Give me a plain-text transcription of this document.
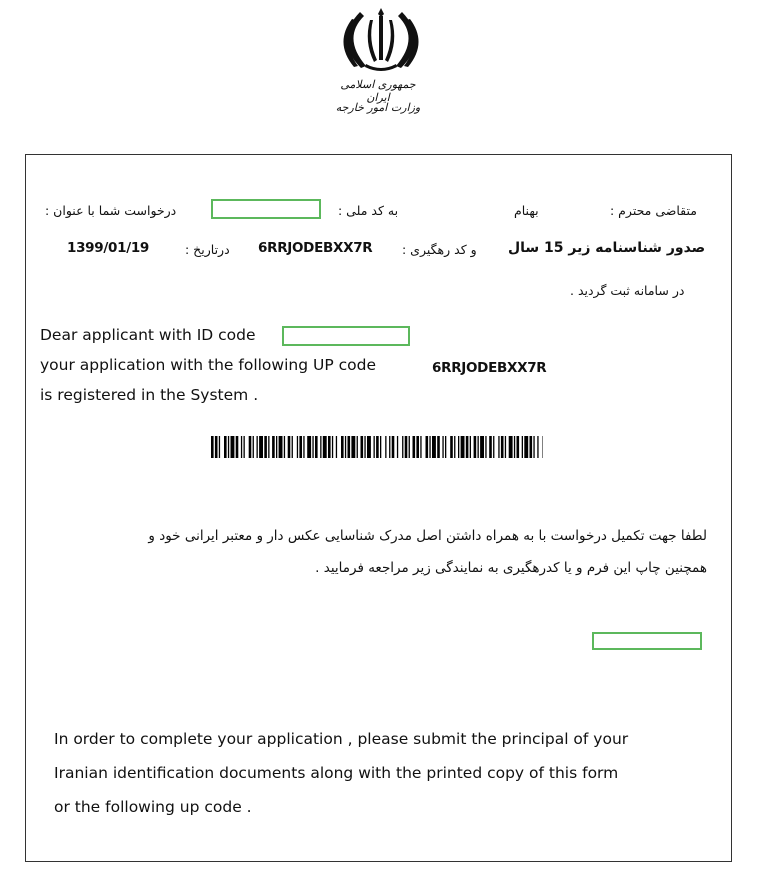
جمهوری اسلامی ایران
وزارت امور خارجه
متقاضی محترم :
بهنام
به کد ملی :
درخواست شما با عنوان :
صدور شناسنامه زیر 15 سال
و کد رهگیری :
6RRJODEBXX7R
درتاریخ :
1399/01/19
در سامانه ثبت گردید .
Dear applicant with ID code
your application with the following UP code	6RRJODEBXX7R
is registered in the System .
لطفا جهت تکمیل درخواست با به همراه داشتن اصل مدرک شناسایی عکس دار و معتبر ایرانی خود و
همچنین چاپ این فرم و یا کدرهگیری به نمایندگی زیر مراجعه فرمایید .
In order to complete your application , please submit the principal of your
Iranian identification documents along with the printed copy of this form
or the following up code .
